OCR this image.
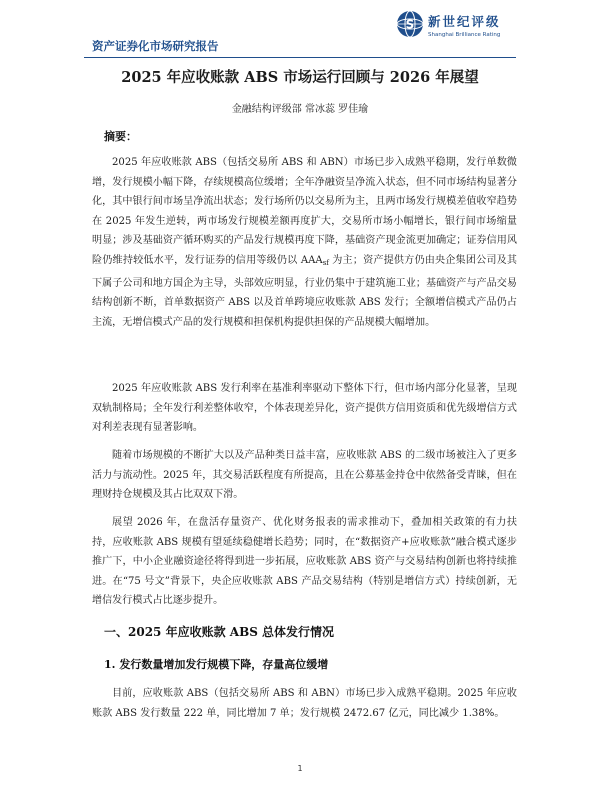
资产证券化市场研究报告
S 新世纪评级
Shanghai Brilliance Rating
2025 年应收账款 ABS 市场运行回顾与 2026 年展望
金融结构评级部 常冰蕊 罗佳瑜
摘要：

2025 年应收账款 ABS（包括交易所 ABS 和 ABN）市场已步入成熟平稳期，发行单数微增，发行规模小幅下降，存续规模高位缓增；全年净融资呈净流入状态，但不同市场结构显著分化，其中银行间市场呈净流出状态；发行场所仍以交易所为主，且两市场发行规模差值收窄趋势在 2025 年发生逆转，两市场发行规模差额再度扩大，交易所市场小幅增长，银行间市场缩量明显；涉及基础资产循环购买的产品发行规模再度下降，基础资产现金流更加确定；证券信用风险仍维持较低水平，发行证券的信用等级仍以 $AAA_{sf}$ 为主；资产提供方仍由央企集团公司及其下属子公司和地方国企为主导，头部效应明显，行业仍集中于建筑施工业；基础资产与产品交易结构创新不断，首单数据资产 ABS 以及首单跨境应收账款 ABS 发行；全额增信模式产品仍占主流，无增信模式产品的发行规模和担保机构提供担保的产品规模大幅增加。

2025 年应收账款 ABS 发行利率在基准利率驱动下整体下行，但市场内部分化显著，呈现双轨制格局；全年发行利差整体收窄，个体表现差异化，资产提供方信用资质和优先级增信方式对利差表现有显著影响。

随着市场规模的不断扩大以及产品种类日益丰富，应收账款 ABS 的二级市场被注入了更多活力与流动性。2025 年，其交易活跃程度有所提高，且在公募基金持仓中依然备受青睐，但在理财持仓规模及其占比双双下滑。

展望 2026 年，在盘活存量资产、优化财务报表的需求推动下，叠加相关政策的有力扶持，应收账款 ABS 规模有望延续稳健增长趋势；同时，在“数据资产+应收账款”融合模式逐步推广下，中小企业融资途径将得到进一步拓展，应收账款 ABS 资产与交易结构创新也将持续推进。在“75 号文”背景下，央企应收账款 ABS 产品交易结构（特别是增信方式）持续创新，无增信发行模式占比逐步提升。

一、2025 年应收账款 ABS 总体发行情况
1. 发行数量增加发行规模下降，存量高位缓增

目前，应收账款 ABS（包括交易所 ABS 和 ABN）市场已步入成熟平稳期。2025 年应收账款 ABS 发行数量 222 单，同比增加 7 单；发行规模 2472.67 亿元，同比减少 1.38%。

1
